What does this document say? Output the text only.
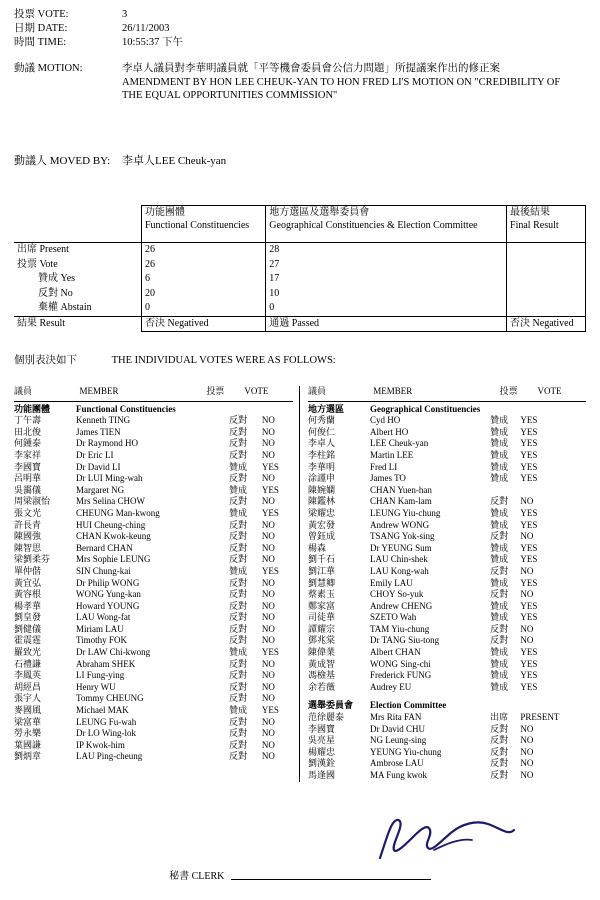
投票 VOTE:	3
日期 DATE:	26/11/2003
時間 TIME:	10:55:37 下午
動議 MOTION:	李卓人議員對李華明議員就「平等機會委員會公信力問題」所提議案作出的修正案
AMENDMENT BY HON LEE CHEUK-YAN TO HON FRED LI'S MOTION ON "CREDIBILITY OF THE EQUAL OPPORTUNITIES COMMISSION"
動議人 MOVED BY:	李卓人LEE Cheuk-yan

功能團體
Functional Constituencies

地方選區及選舉委員會
Geographical Constituencies & Election Committee

最後結果
Final Result

出席 Present	26	28	
投票 Vote	26	27	
贊成 Yes	6	17	
反對 No	20	10	
棄權 Abstain	0	0	
結果 Result	否決 Negatived	通過 Passed	否決 Negatived
個別表決如下	THE INDIVIDUAL VOTES WERE AS FOLLOWS:
議員	MEMBER	投票	VOTE
功能團體	Functional Constituencies		
丁午壽	Kenneth TING	反對	NO
田北俊	James TIEN	反對	NO
何鍾泰	Dr Raymond HO	反對	NO
李家祥	Dr Eric LI	反對	NO
李國寶	Dr David LI	贊成	YES
呂明華	Dr LUI Ming-wah	反對	NO
吳靄儀	Margaret NG	贊成	YES
周梁淑怡	Mrs Selina CHOW	反對	NO
張文光	CHEUNG Man-kwong	贊成	YES
許長青	HUI Cheung-ching	反對	NO
陳國強	CHAN Kwok-keung	反對	NO
陳智思	Bernard CHAN	反對	NO
梁劉柔芬	Mrs Sophie LEUNG	反對	NO
單仲偕	SIN Chung-kai	贊成	YES
黃宜弘	Dr Philip WONG	反對	NO
黃容根	WONG Yung-kan	反對	NO
楊孝華	Howard YOUNG	反對	NO
劉皇發	LAU Wong-fat	反對	NO
劉健儀	Miriam LAU	反對	NO
霍震霆	Timothy FOK	反對	NO
羅致光	Dr LAW Chi-kwong	贊成	YES
石禮謙	Abraham SHEK	反對	NO
李鳳英	LI Fung-ying	反對	NO
胡經昌	Henry WU	反對	NO
張宇人	Tommy CHEUNG	反對	NO
麥國風	Michael MAK	贊成	YES
梁富華	LEUNG Fu-wah	反對	NO
勞永樂	Dr LO Wing-lok	反對	NO
葉國謙	IP Kwok-him	反對	NO
劉炳章	LAU Ping-cheung	反對	NO
議員	MEMBER	投票	VOTE
地方選區	Geographical Constituencies		
何秀蘭	Cyd HO	贊成	YES
何俊仁	Albert HO	贊成	YES
李卓人	LEE Cheuk-yan	贊成	YES
李柱銘	Martin LEE	贊成	YES
李華明	Fred LI	贊成	YES
涂謹申	James TO	贊成	YES
陳婉嫻	CHAN Yuen-han		
陳鑑林	CHAN Kam-lam	反對	NO
梁耀忠	LEUNG Yiu-chung	贊成	YES
黃宏發	Andrew WONG	贊成	YES
曾鈺成	TSANG Yok-sing	反對	NO
楊森	Dr YEUNG Sum	贊成	YES
劉千石	LAU Chin-shek	贊成	YES
劉江華	LAU Kong-wah	反對	NO
劉慧卿	Emily LAU	贊成	YES
蔡素玉	CHOY So-yuk	反對	NO
鄭家富	Andrew CHENG	贊成	YES
司徒華	SZETO Wah	贊成	YES
譚耀宗	TAM Yiu-chung	反對	NO
鄧兆棠	Dr TANG Siu-tong	反對	NO
陳偉業	Albert CHAN	贊成	YES
黃成智	WONG Sing-chi	贊成	YES
馮檢基	Frederick FUNG	贊成	YES
余若薇	Audrey EU	贊成	YES

選舉委員會	Election Committee		
范徐麗泰	Mrs Rita FAN	出席	PRESENT
李國寶	Dr David CHU	反對	NO
吳亮星	NG Leung-sing	反對	NO
楊耀忠	YEUNG Yiu-chung	反對	NO
劉漢銓	Ambrose LAU	反對	NO
馬逢國	MA Fung kwok	反對	NO
秘書 CLERK
